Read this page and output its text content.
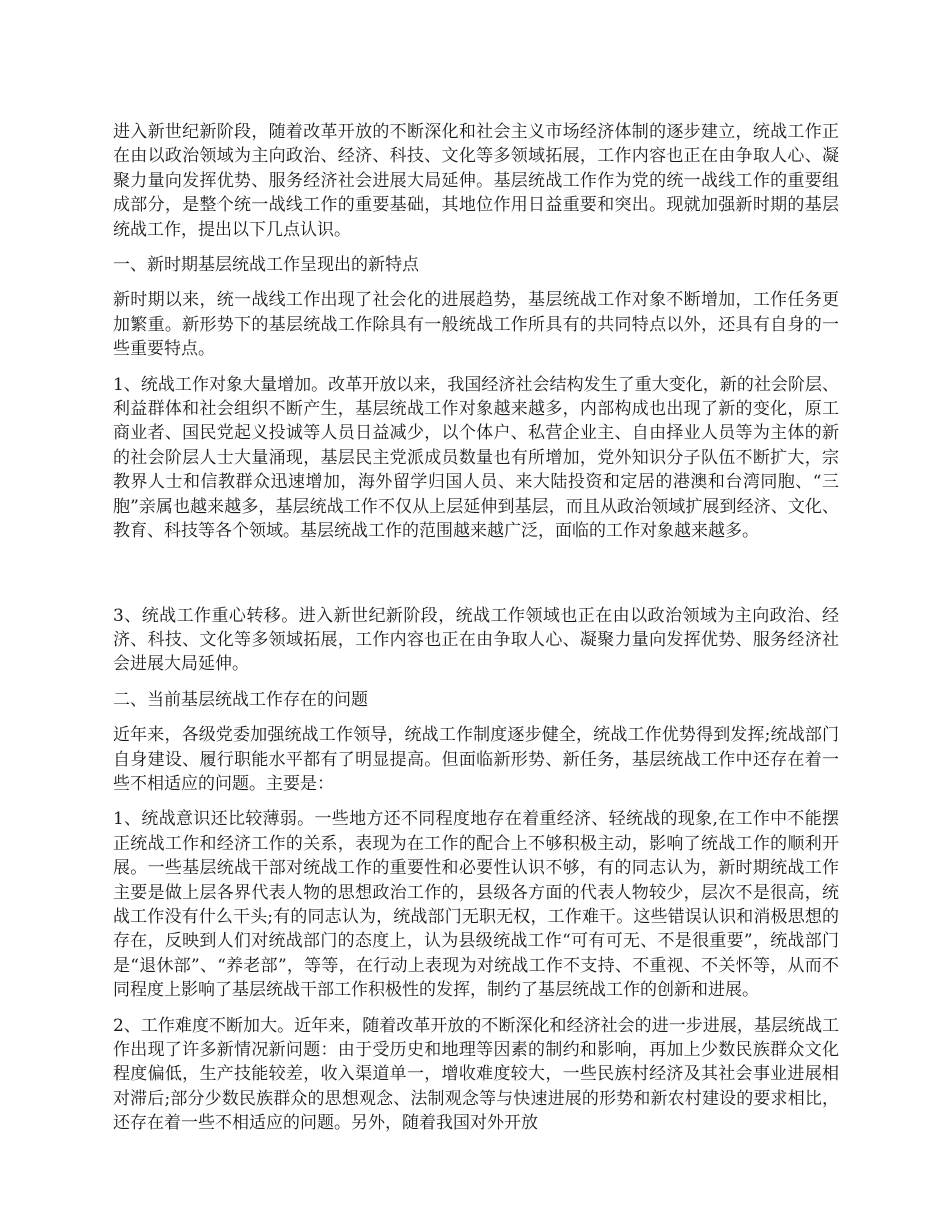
进入新世纪新阶段，随着改革开放的不断深化和社会主义市场经济体制的逐步建立，统战工作正在由以政治领域为主向政治、经济、科技、文化等多领域拓展，工作内容也正在由争取人心、凝聚力量向发挥优势、服务经济社会进展大局延伸。基层统战工作作为党的统一战线工作的重要组成部分，是整个统一战线工作的重要基础，其地位作用日益重要和突出。现就加强新时期的基层统战工作，提出以下几点认识。

一、新时期基层统战工作呈现出的新特点

新时期以来，统一战线工作出现了社会化的进展趋势，基层统战工作对象不断增加，工作任务更加繁重。新形势下的基层统战工作除具有一般统战工作所具有的共同特点以外，还具有自身的一些重要特点。

1、统战工作对象大量增加。改革开放以来，我国经济社会结构发生了重大变化，新的社会阶层、利益群体和社会组织不断产生，基层统战工作对象越来越多，内部构成也出现了新的变化，原工商业者、国民党起义投诚等人员日益减少，以个体户、私营企业主、自由择业人员等为主体的新的社会阶层人士大量涌现，基层民主党派成员数量也有所增加，党外知识分子队伍不断扩大，宗教界人士和信教群众迅速增加，海外留学归国人员、来大陆投资和定居的港澳和台湾同胞、“三胞”亲属也越来越多，基层统战工作不仅从上层延伸到基层，而且从政治领域扩展到经济、文化、教育、科技等各个领域。基层统战工作的范围越来越广泛，面临的工作对象越来越多。

3、统战工作重心转移。进入新世纪新阶段，统战工作领域也正在由以政治领域为主向政治、经济、科技、文化等多领域拓展，工作内容也正在由争取人心、凝聚力量向发挥优势、服务经济社会进展大局延伸。

二、当前基层统战工作存在的问题

近年来，各级党委加强统战工作领导，统战工作制度逐步健全，统战工作优势得到发挥;统战部门自身建设、履行职能水平都有了明显提高。但面临新形势、新任务，基层统战工作中还存在着一些不相适应的问题。主要是：

1、统战意识还比较薄弱。一些地方还不同程度地存在着重经济、轻统战的现象,在工作中不能摆正统战工作和经济工作的关系，表现为在工作的配合上不够积极主动，影响了统战工作的顺利开展。一些基层统战干部对统战工作的重要性和必要性认识不够，有的同志认为，新时期统战工作主要是做上层各界代表人物的思想政治工作的，县级各方面的代表人物较少，层次不是很高，统战工作没有什么干头;有的同志认为，统战部门无职无权，工作难干。这些错误认识和消极思想的存在，反映到人们对统战部门的态度上，认为县级统战工作“可有可无、不是很重要”，统战部门是“退休部”、“养老部”，等等，在行动上表现为对统战工作不支持、不重视、不关怀等，从而不同程度上影响了基层统战干部工作积极性的发挥，制约了基层统战工作的创新和进展。

2、工作难度不断加大。近年来，随着改革开放的不断深化和经济社会的进一步进展，基层统战工作出现了许多新情况新问题：由于受历史和地理等因素的制约和影响，再加上少数民族群众文化程度偏低，生产技能较差，收入渠道单一，增收难度较大，一些民族村经济及其社会事业进展相对滞后;部分少数民族群众的思想观念、法制观念等与快速进展的形势和新农村建设的要求相比，还存在着一些不相适应的问题。另外，随着我国对外开放
